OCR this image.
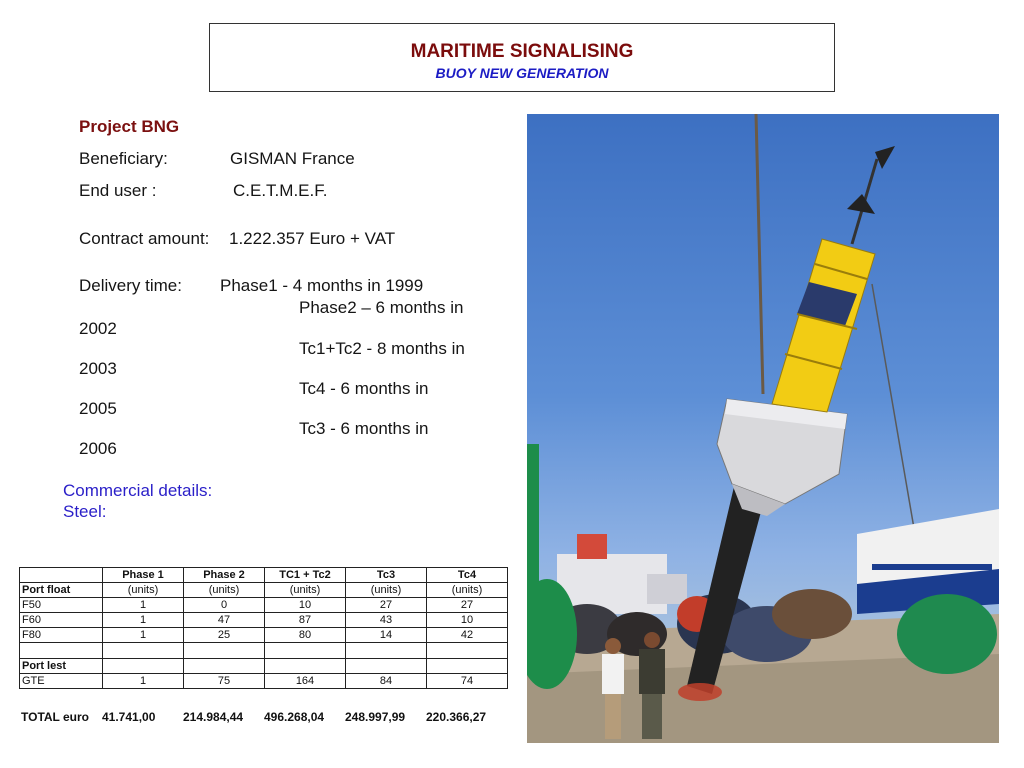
MARITIME SIGNALISING
BUOY NEW GENERATION
Project BNG
Beneficiary:	GISMAN France
End user :	C.E.T.M.E.F.
Contract amount: 1.222.357 Euro + VAT
Delivery time: Phase1 - 4 months in 1999
Phase2 – 6 months in
2002
Tc1+Tc2 - 8 months in
2003
Tc4 - 6 months in
2005
Tc3 - 6 months in
2006
Commercial details:
Steel:
	Phase 1	Phase 2	TC1 + Tc2	Tc3	Tc4
Port float	(units)	(units)	(units)	(units)	(units)
F50	1	0	10	27	27
F60	1	47	87	43	10
F80	1	25	80	14	42

Port lest					
GTE	1	75	164	84	74
TOTAL euro 41.741,00 214.984,44 496.268,04 248.997,99 220.366,27
